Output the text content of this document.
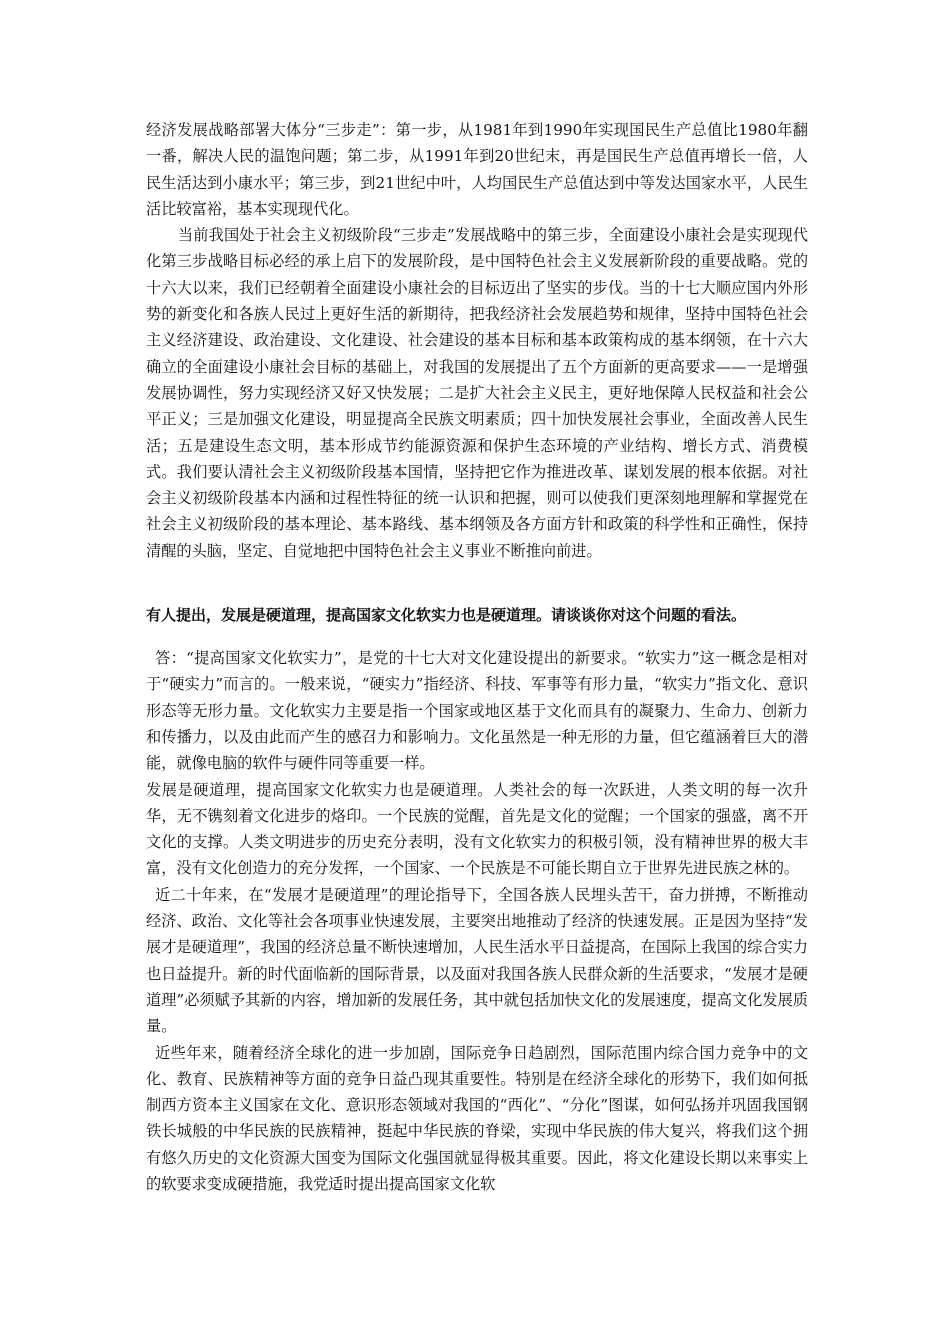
经济发展战略部署大体分“三步走”：第一步，从1981年到1990年实现国民生产总值比1980年翻一番，解决人民的温饱问题；第二步，从1991年到20世纪末，再是国民生产总值再增长一倍，人民生活达到小康水平；第三步，到21世纪中叶，人均国民生产总值达到中等发达国家水平，人民生活比较富裕，基本实现现代化。

当前我国处于社会主义初级阶段“三步走”发展战略中的第三步，全面建设小康社会是实现现代化第三步战略目标必经的承上启下的发展阶段，是中国特色社会主义发展新阶段的重要战略。党的十六大以来，我们已经朝着全面建设小康社会的目标迈出了坚实的步伐。当的十七大顺应国内外形势的新变化和各族人民过上更好生活的新期待，把我经济社会发展趋势和规律，坚持中国特色社会主义经济建设、政治建设、文化建设、社会建设的基本目标和基本政策构成的基本纲领，在十六大确立的全面建设小康社会目标的基础上，对我国的发展提出了五个方面新的更高要求——一是增强发展协调性，努力实现经济又好又快发展；二是扩大社会主义民主，更好地保障人民权益和社会公平正义；三是加强文化建设，明显提高全民族文明素质；四十加快发展社会事业，全面改善人民生活；五是建设生态文明，基本形成节约能源资源和保护生态环境的产业结构、增长方式、消费模式。我们要认清社会主义初级阶段基本国情，坚持把它作为推进改革、谋划发展的根本依据。对社会主义初级阶段基本内涵和过程性特征的统一认识和把握，则可以使我们更深刻地理解和掌握党在社会主义初级阶段的基本理论、基本路线、基本纲领及各方面方针和政策的科学性和正确性，保持清醒的头脑，坚定、自觉地把中国特色社会主义事业不断推向前进。

有人提出，发展是硬道理，提高国家文化软实力也是硬道理。请谈谈你对这个问题的看法。

答：“提高国家文化软实力”，是党的十七大对文化建设提出的新要求。“软实力”这一概念是相对于“硬实力”而言的。一般来说，“硬实力”指经济、科技、军事等有形力量，“软实力”指文化、意识形态等无形力量。文化软实力主要是指一个国家或地区基于文化而具有的凝聚力、生命力、创新力和传播力，以及由此而产生的感召力和影响力。文化虽然是一种无形的力量，但它蕴涵着巨大的潜能，就像电脑的软件与硬件同等重要一样。

发展是硬道理，提高国家文化软实力也是硬道理。人类社会的每一次跃进，人类文明的每一次升华，无不镌刻着文化进步的烙印。一个民族的觉醒，首先是文化的觉醒；一个国家的强盛，离不开文化的支撑。人类文明进步的历史充分表明，没有文化软实力的积极引领，没有精神世界的极大丰富，没有文化创造力的充分发挥，一个国家、一个民族是不可能长期自立于世界先进民族之林的。

近二十年来，在“发展才是硬道理”的理论指导下，全国各族人民埋头苦干，奋力拼搏，不断推动经济、政治、文化等社会各项事业快速发展，主要突出地推动了经济的快速发展。正是因为坚持“发展才是硬道理”，我国的经济总量不断快速增加，人民生活水平日益提高，在国际上我国的综合实力也日益提升。新的时代面临新的国际背景，以及面对我国各族人民群众新的生活要求，“发展才是硬道理”必须赋予其新的内容，增加新的发展任务，其中就包括加快文化的发展速度，提高文化发展质量。

近些年来，随着经济全球化的进一步加剧，国际竞争日趋剧烈，国际范围内综合国力竞争中的文化、教育、民族精神等方面的竞争日益凸现其重要性。特别是在经济全球化的形势下，我们如何抵制西方资本主义国家在文化、意识形态领域对我国的“西化”、“分化”图谋，如何弘扬并巩固我国钢铁长城般的中华民族的民族精神，挺起中华民族的脊梁，实现中华民族的伟大复兴，将我们这个拥有悠久历史的文化资源大国变为国际文化强国就显得极其重要。因此，将文化建设长期以来事实上的软要求变成硬措施，我党适时提出提高国家文化软
